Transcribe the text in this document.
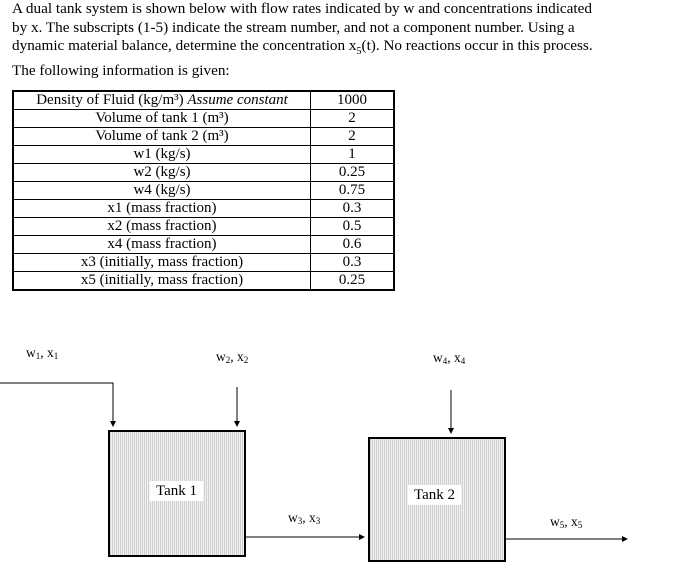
A dual tank system is shown below with flow rates indicated by w and concentrations indicated

by x. The subscripts (1-5) indicate the stream number, and not a component number. Using a

dynamic material balance, determine the concentration $x_5(t)$. No reactions occur in this process.

The following information is given:

Density of Fluid (kg/m³) Assume constant	1000
Volume of tank 1 (m³)	2
Volume of tank 2 (m³)	2
w1 (kg/s)	1
w2 (kg/s)	0.25
w4 (kg/s)	0.75
x1 (mass fraction)	0.3
x2 (mass fraction)	0.5
x4 (mass fraction)	0.6
x3 (initially, mass fraction)	0.3
x5 (initially, mass fraction)	0.25
Tank 1	Tank 2
$w_1$, $x_1$	$w_2$, $x_2$
$w_3$, $x_3$
$w_4$, $x_4$
$w_5$, $x_5$
